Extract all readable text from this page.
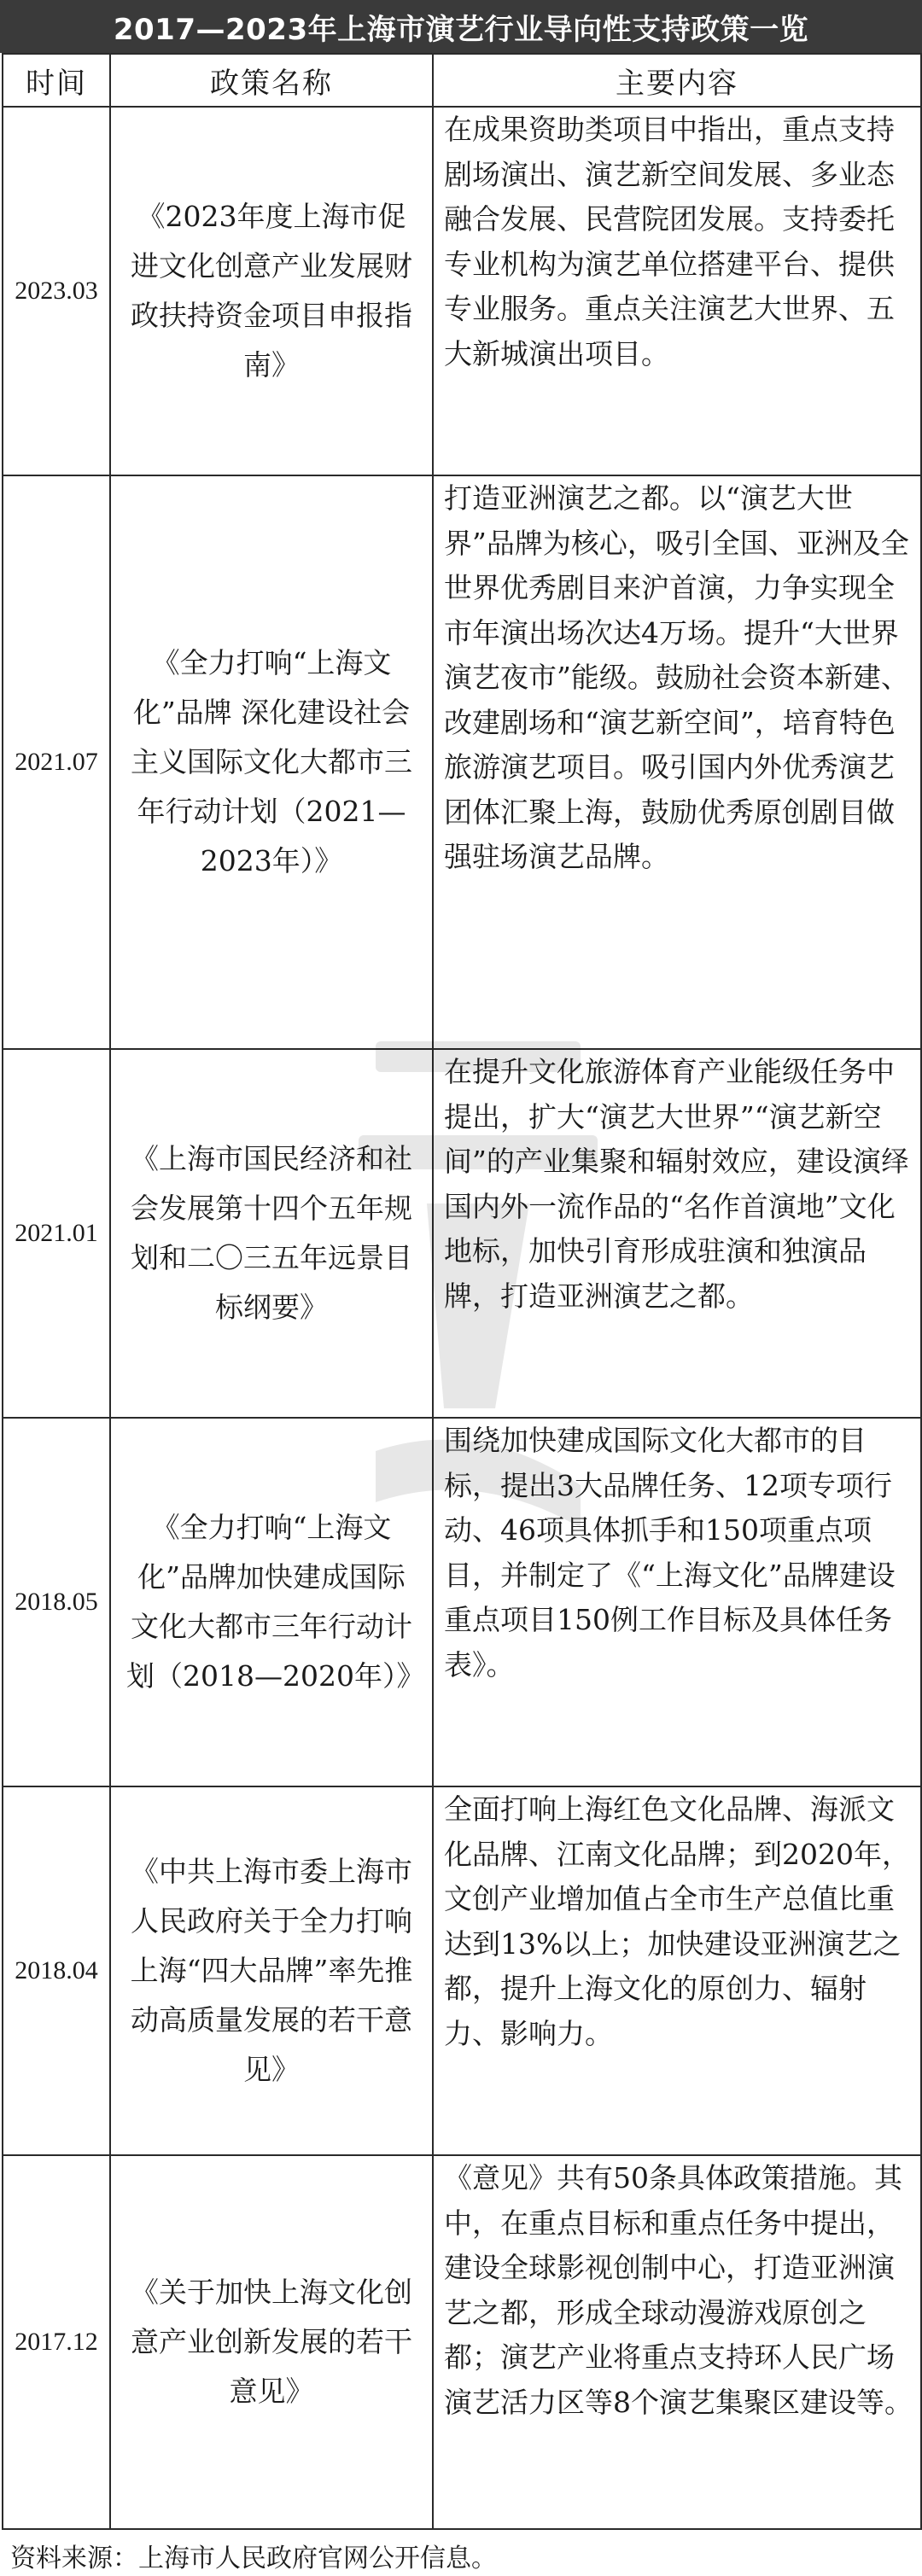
2017—2023年上海市演艺行业导向性支持政策一览
时间	政策名称	主要内容
2023.03	《2023年度上海市促进文化创意产业发展财政扶持资金项目申报指南》	在成果资助类项目中指出，重点支持剧场演出、演艺新空间发展、多业态融合发展、民营院团发展。支持委托专业机构为演艺单位搭建平台、提供专业服务。重点关注演艺大世界、五大新城演出项目。
2021.07	《全力打响“上海文化”品牌 深化建设社会主义国际文化大都市三年行动计划（2021—2023年）》	打造亚洲演艺之都。以“演艺大世界”品牌为核心，吸引全国、亚洲及全世界优秀剧目来沪首演，力争实现全市年演出场次达4万场。提升“大世界演艺夜市”能级。鼓励社会资本新建、改建剧场和“演艺新空间”，培育特色旅游演艺项目。吸引国内外优秀演艺团体汇聚上海，鼓励优秀原创剧目做强驻场演艺品牌。
2021.01	《上海市国民经济和社会发展第十四个五年规划和二〇三五年远景目标纲要》	在提升文化旅游体育产业能级任务中提出，扩大“演艺大世界”“演艺新空间”的产业集聚和辐射效应，建设演绎国内外一流作品的“名作首演地”文化地标，加快引育形成驻演和独演品牌，打造亚洲演艺之都。
2018.05	《全力打响“上海文化”品牌加快建成国际文化大都市三年行动计划（2018—2020年）》	围绕加快建成国际文化大都市的目标，提出3大品牌任务、12项专项行动、46项具体抓手和150项重点项目，并制定了《“上海文化”品牌建设重点项目150例工作目标及具体任务表》。
2018.04	《中共上海市委上海市人民政府关于全力打响上海“四大品牌”率先推动高质量发展的若干意见》	全面打响上海红色文化品牌、海派文化品牌、江南文化品牌；到2020年，文创产业增加值占全市生产总值比重达到13%以上；加快建设亚洲演艺之都，提升上海文化的原创力、辐射力、影响力。
2017.12	《关于加快上海文化创意产业创新发展的若干意见》	《意见》共有50条具体政策措施。其中，在重点目标和重点任务中提出，建设全球影视创制中心，打造亚洲演艺之都，形成全球动漫游戏原创之都；演艺产业将重点支持环人民广场演艺活力区等8个演艺集聚区建设等。
资料来源：上海市人民政府官网公开信息。
